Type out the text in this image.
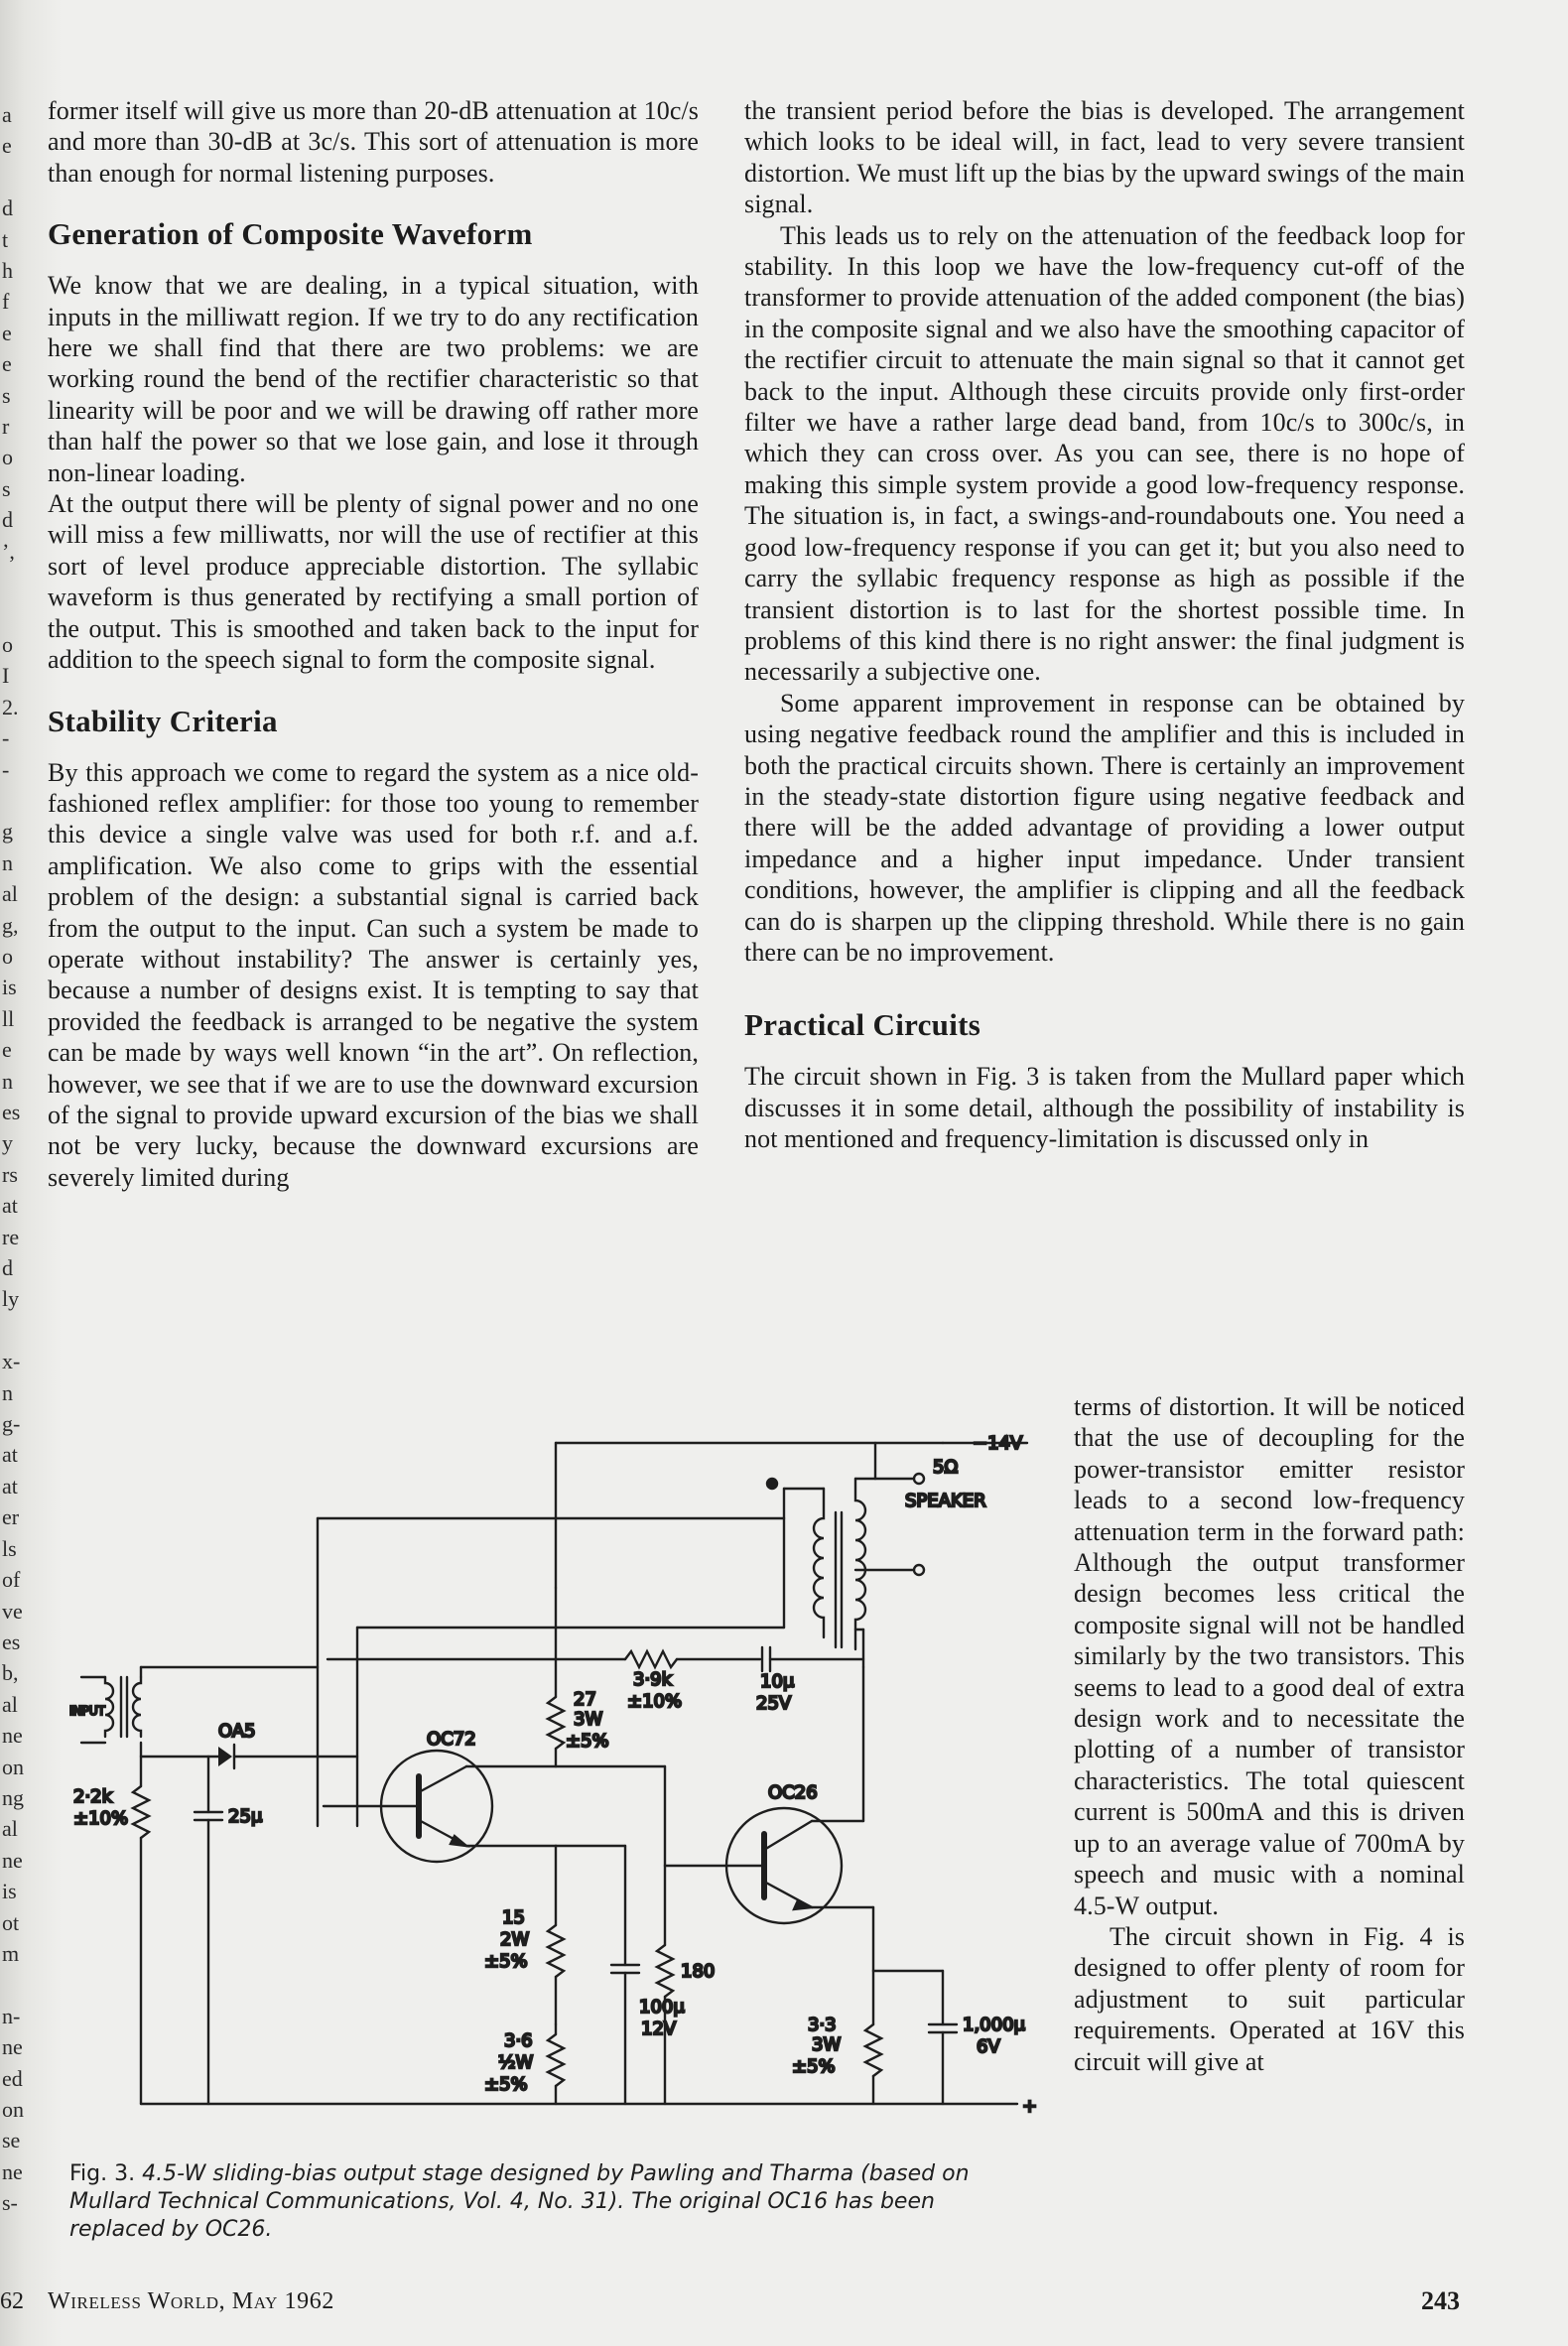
a
e

d
t
h
f
e
e
s
r
o
s
d
’,

o
I
2.
-
-

g
n
al
g,
o
is
ll
e
n
es
y
rs
at
re
d
ly

x-
n
g-
at
at
er
ls
of
ve
es
b,
al
ne
on
ng
al
ne
is
ot
m

n-
ne
ed
on
se
ne
s-

former itself will give us more than 20-dB attenuation at 10c/s and more than 30-dB at 3c/s. This sort of attenuation is more than enough for normal listening purposes.

Generation of Composite Waveform

We know that we are dealing, in a typical situation, with inputs in the milliwatt region. If we try to do any rectification here we shall find that there are two problems: we are working round the bend of the rectifier characteristic so that linearity will be poor and we will be drawing off rather more than half the power so that we lose gain, and lose it through non-linear loading.

At the output there will be plenty of signal power and no one will miss a few milliwatts, nor will the use of rectifier at this sort of level produce appreciable distortion. The syllabic waveform is thus generated by rectifying a small portion of the output. This is smoothed and taken back to the input for addition to the speech signal to form the composite signal.

Stability Criteria

By this approach we come to regard the system as a nice old-fashioned reflex amplifier: for those too young to remember this device a single valve was used for both r.f. and a.f. amplification. We also come to grips with the essential problem of the design: a substantial signal is carried back from the output to the input. Can such a system be made to operate without instability? The answer is certainly yes, because a number of designs exist. It is tempting to say that provided the feedback is arranged to be negative the system can be made by ways well known “in the art”. On reflection, however, we see that if we are to use the downward excursion of the signal to provide upward excursion of the bias we shall not be very lucky, because the downward excursions are severely limited during

the transient period before the bias is developed. The arrangement which looks to be ideal will, in fact, lead to very severe transient distortion. We must lift up the bias by the upward swings of the main signal.

This leads us to rely on the attenuation of the feedback loop for stability. In this loop we have the low-frequency cut-off of the transformer to provide attenuation of the added component (the bias) in the composite signal and we also have the smoothing capacitor of the rectifier circuit to attenuate the main signal so that it cannot get back to the input. Although these circuits provide only first-order filter we have a rather large dead band, from 10c/s to 300c/s, in which they can cross over. As you can see, there is no hope of making this simple system provide a good low-frequency response. The situation is, in fact, a swings-and-roundabouts one. You need a good low-frequency response if you can get it; but you also need to carry the syllabic frequency response as high as possible if the transient distortion is to last for the shortest possible time. In problems of this kind there is no right answer: the final judgment is necessarily a subjective one.

Some apparent improvement in response can be obtained by using negative feedback round the amplifier and this is included in both the practical circuits shown. There is certainly an improvement in the steady-state distortion figure using negative feedback and there will be the added advantage of providing a lower output impedance and a higher input impedance. Under transient conditions, however, the amplifier is clipping and all the feedback can do is sharpen up the clipping threshold. While there is no gain there can be no improvement.

Practical Circuits

The circuit shown in Fig. 3 is taken from the Mullard paper which discusses it in some detail, although the possibility of instability is not mentioned and frequency-limitation is discussed only in

terms of distortion. It will be noticed that the use of decoupling for the power-transistor emitter resistor leads to a second low-frequency attenuation term in the forward path: Although the output transformer design becomes less critical the composite signal will not be handled similarly by the two transistors. This seems to lead to a good deal of extra design work and to necessitate the plotting of a number of transistor characteristics. The total quiescent current is 500mA and this is driven up to an average value of 700mA by speech and music with a nominal 4.5-W output.

The circuit shown in Fig. 4 is designed to offer plenty of room for adjustment to suit particular requirements. Operated at 16V this circuit will give at

−14V
5Ω
SPEAKER
3·9k
±10%
10μ
25V
27
3W
±5%
OC72
OC26
INPUT
OA5
25μ
2·2k
±10%
15
2W
±5%	180
100μ
12V
3·6
½W
±5%
3·3
3W
±5%
1,000μ
6V
+
Fig. 3. 4.5-W sliding-bias output stage designed by Pawling and Tharma (based on Mullard Technical Communications, Vol. 4, No. 31). The original OC16 has been replaced by OC26.
Wireless World, May 1962	243
62
